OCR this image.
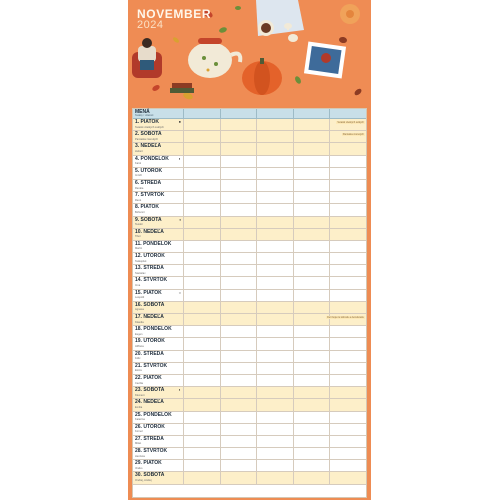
NOVEMBER
2024
MENÁ
Sviatky / Udalosti
1. PIATOK
Sviatok všetkých svätých
●	Sviatok všetkých svätých
2. SOBOTA
Pamiatka zosnulých
Pamiatka zosnulých
3. NEDEĽA
Hubert
4. PONDELOK
Karol
◐
5. UTOROK
Imrich
6. STREDA
Renáta
7. ŠTVRTOK
René
8. PIATOK
Bohumír
9. SOBOTA
Teodor
◑
10. NEDEĽA
Tibor
11. PONDELOK
Martin
12. UTOROK
Svätopluk
13. STREDA
Stanislav
14. ŠTVRTOK
Irma
15. PIATOK
Leopold
○
16. SOBOTA
Agnesa
17. NEDEĽA
Klaudia
Deň boja za slobodu a demokraciu
18. PONDELOK
Eugen
19. UTOROK
Alžbeta
20. STREDA
Félix
21. ŠTVRTOK
Elvíra
22. PIATOK
Cecília
23. SOBOTA
Klement
◐
24. NEDEĽA
Emília
25. PONDELOK
Katarína
26. UTOROK
Kornel
27. STREDA
Milan
28. ŠTVRTOK
Henrieta
29. PIATOK
Vratko
30. SOBOTA
Ondrej, Andrej
